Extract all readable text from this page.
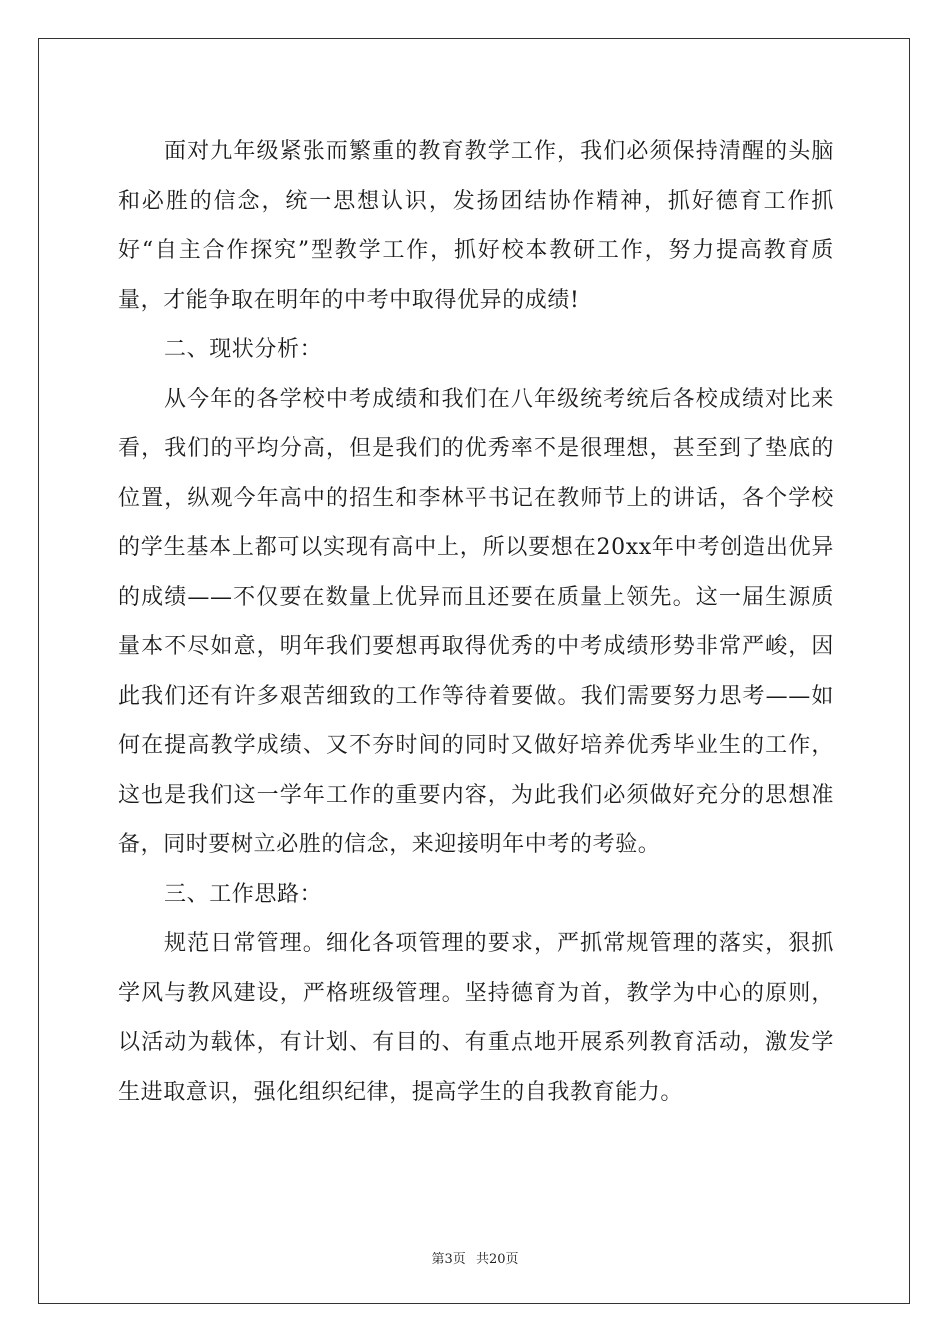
面对九年级紧张而繁重的教育教学工作，我们必须保持清醒的头脑和必胜的信念，统一思想认识，发扬团结协作精神，抓好德育工作抓好“自主合作探究”型教学工作，抓好校本教研工作，努力提高教育质量，才能争取在明年的中考中取得优异的成绩!

二、现状分析：

从今年的各学校中考成绩和我们在八年级统考统后各校成绩对比来看，我们的平均分高，但是我们的优秀率不是很理想，甚至到了垫底的位置，纵观今年高中的招生和李林平书记在教师节上的讲话，各个学校的学生基本上都可以实现有高中上，所以要想在20xx年中考创造出优异的成绩——不仅要在数量上优异而且还要在质量上领先。这一届生源质量本不尽如意，明年我们要想再取得优秀的中考成绩形势非常严峻，因此我们还有许多艰苦细致的工作等待着要做。我们需要努力思考——如何在提高教学成绩、又不夯时间的同时又做好培养优秀毕业生的工作，这也是我们这一学年工作的重要内容，为此我们必须做好充分的思想准备，同时要树立必胜的信念，来迎接明年中考的考验。

三、工作思路：

规范日常管理。细化各项管理的要求，严抓常规管理的落实，狠抓学风与教风建设，严格班级管理。坚持德育为首，教学为中心的原则，以活动为载体，有计划、有目的、有重点地开展系列教育活动，激发学生进取意识，强化组织纪律，提高学生的自我教育能力。

第3页 共20页
